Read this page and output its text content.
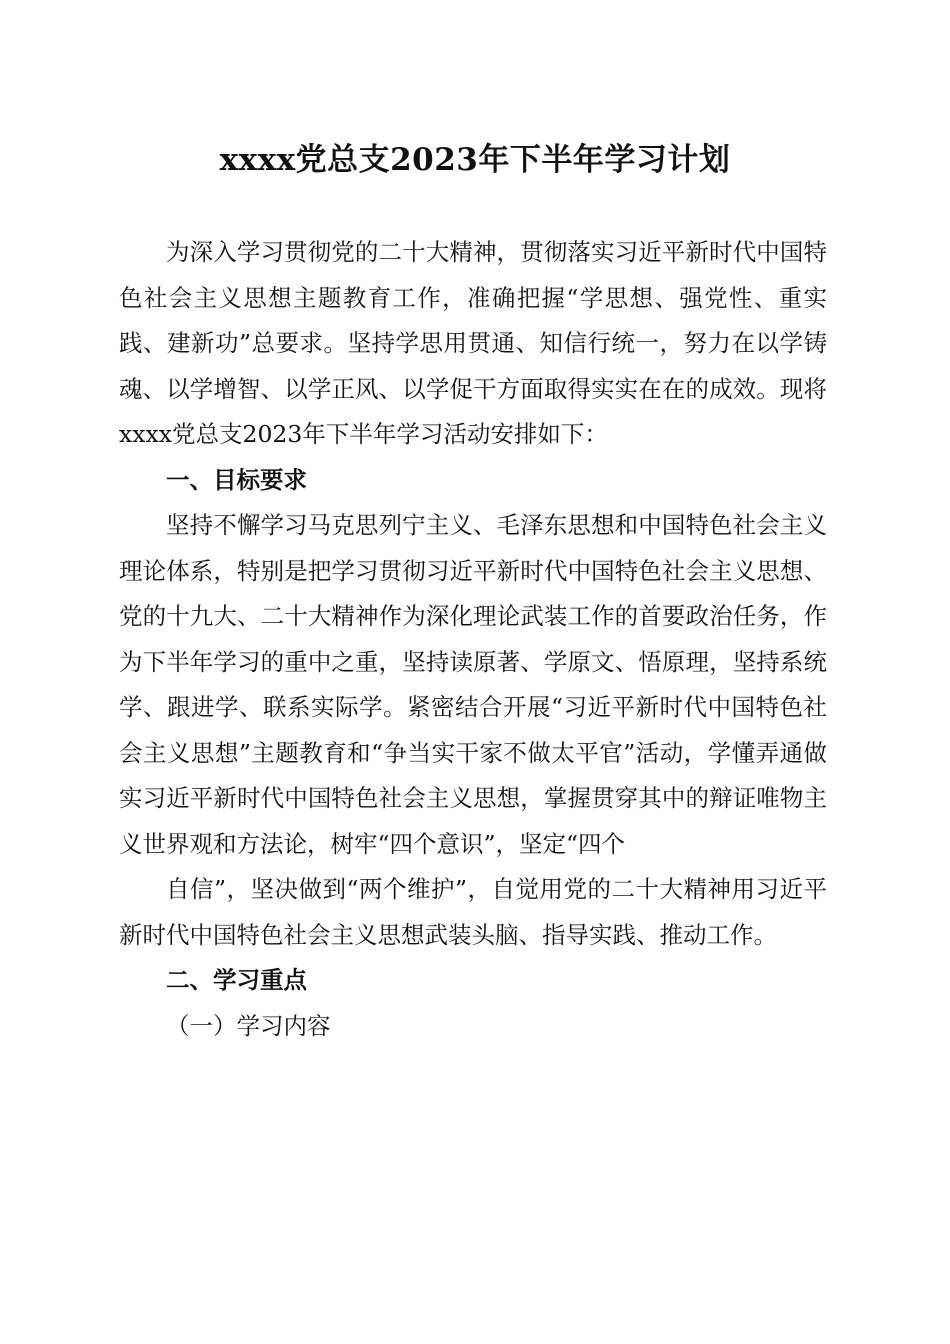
xxxx党总支2023年下半年学习计划

为深入学习贯彻党的二十大精神，贯彻落实习近平新时代中国特色社会主义思想主题教育工作，准确把握“学思想、强党性、重实践、建新功”总要求。坚持学思用贯通、知信行统一，努力在以学铸魂、以学增智、以学正风、以学促干方面取得实实在在的成效。现将xxxx党总支2023年下半年学习活动安排如下：

一、目标要求

坚持不懈学习马克思列宁主义、毛泽东思想和中国特色社会主义理论体系，特别是把学习贯彻习近平新时代中国特色社会主义思想、党的十九大、二十大精神作为深化理论武装工作的首要政治任务，作为下半年学习的重中之重，坚持读原著、学原文、悟原理，坚持系统学、跟进学、联系实际学。紧密结合开展“习近平新时代中国特色社会主义思想”主题教育和“争当实干家不做太平官”活动，学懂弄通做实习近平新时代中国特色社会主义思想，掌握贯穿其中的辩证唯物主义世界观和方法论，树牢“四个意识”，坚定“四个

自信”，坚决做到“两个维护”，自觉用党的二十大精神用习近平新时代中国特色社会主义思想武装头脑、指导实践、推动工作。

二、学习重点

（一）学习内容
